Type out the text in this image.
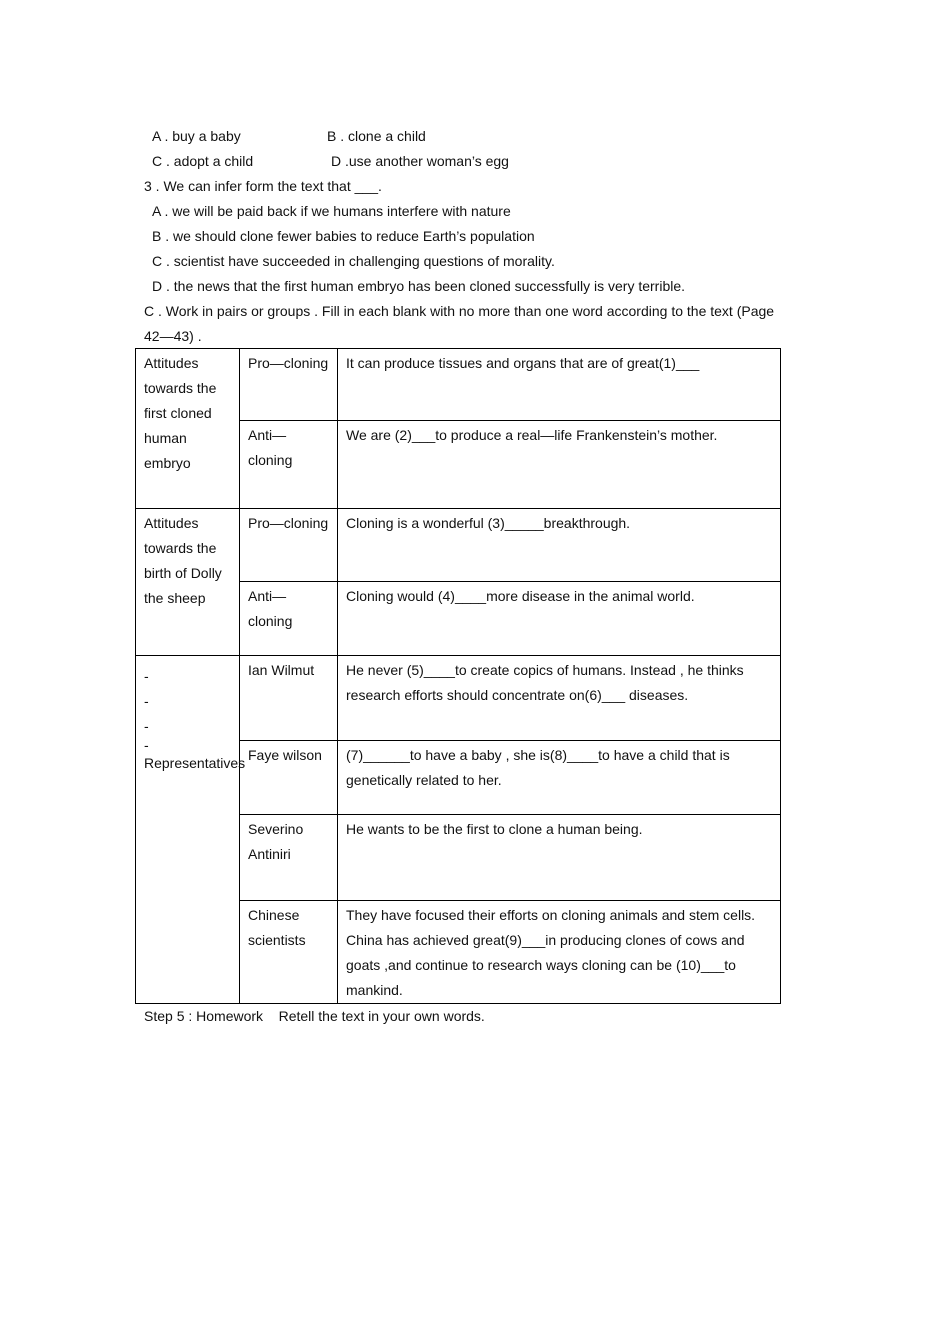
A . buy a baby	B . clone a child
C . adopt a child	D .use another woman’s egg
3 . We can infer form the text that ___.
A . we will be paid back if we humans interfere with nature
B . we should clone fewer babies to reduce Earth’s population
C . scientist have succeeded in challenging questions of morality.
D . the news that the first human embryo has been cloned successfully is very terrible.
C . Work in pairs or groups . Fill in each blank with no more than one word according to the text (Page
42—43) .
Attitudes towards the first cloned human embryo	Pro—cloning	It can produce tissues and organs that are of great(1)___
	Anti—cloning	We are (2)___to produce a real—life Frankenstein’s mother.
Attitudes towards the birth of Dolly the sheep	Pro—cloning	Cloning is a wonderful (3)_____breakthrough.
	Anti—cloning	Cloning would (4)____more disease in the animal world.

-
-
-
-
Representatives	Ian Wilmut	He never (5)____to create copics of humans. Instead , he thinks research efforts should concentrate on(6)___ diseases.
	Faye wilson	(7)______to have a baby , she is(8)____to have a child that is genetically related to her.
	Severino Antiniri	He wants to be the first to clone a human being.
	Chinese scientists	They have focused their efforts on cloning animals and stem cells. China has achieved great(9)___in producing clones of cows and goats ,and continue to research ways cloning can be (10)___to mankind.
Step 5 : Homework    Retell the text in your own words.
